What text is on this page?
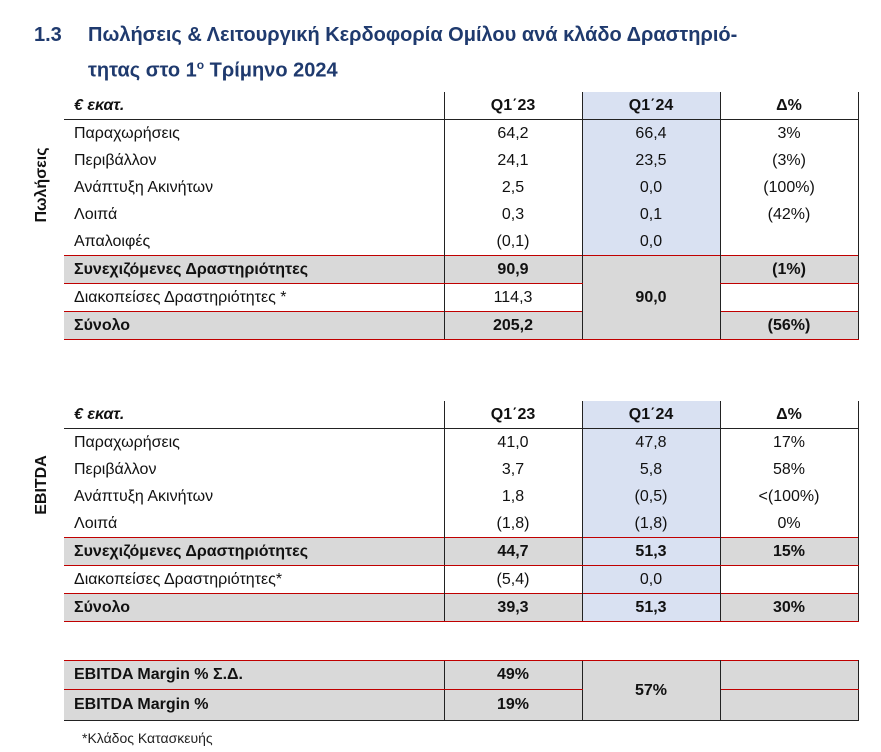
1.3 Πωλήσεις & Λειτουργική Κερδοφορία Ομίλου ανά κλάδο Δραστηριό-
τητας στο $1^o$ Τρίμηνο 2024
Πωλήσεις
€ εκατ.	Q1΄23	Q1΄24	Δ%
Παραχωρήσεις	64,2	66,4	3%
Περιβάλλον	24,1	23,5	(3%)
Ανάπτυξη Ακινήτων	2,5	0,0	(100%)
Λοιπά	0,3	0,1	(42%)
Απαλοιφές	(0,1)	0,0	
Συνεχιζόμενες Δραστηριότητες	90,9	90,0	(1%)
Διακοπείσες Δραστηριότητες *	114,3		
Σύνολο	205,2		(56%)
EBITDA
€ εκατ.	Q1΄23	Q1΄24	Δ%
Παραχωρήσεις	41,0	47,8	17%
Περιβάλλον	3,7	5,8	58%
Ανάπτυξη Ακινήτων	1,8	(0,5)	<(100%)
Λοιπά	(1,8)	(1,8)	0%
Συνεχιζόμενες Δραστηριότητες	44,7	51,3	15%
Διακοπείσες Δραστηριότητες*	(5,4)	0,0	
Σύνολο	39,3	51,3	30%
EBITDA Margin % Σ.Δ.	49%	57%	
EBITDA Margin %	19%		
*Κλάδος Κατασκευής
